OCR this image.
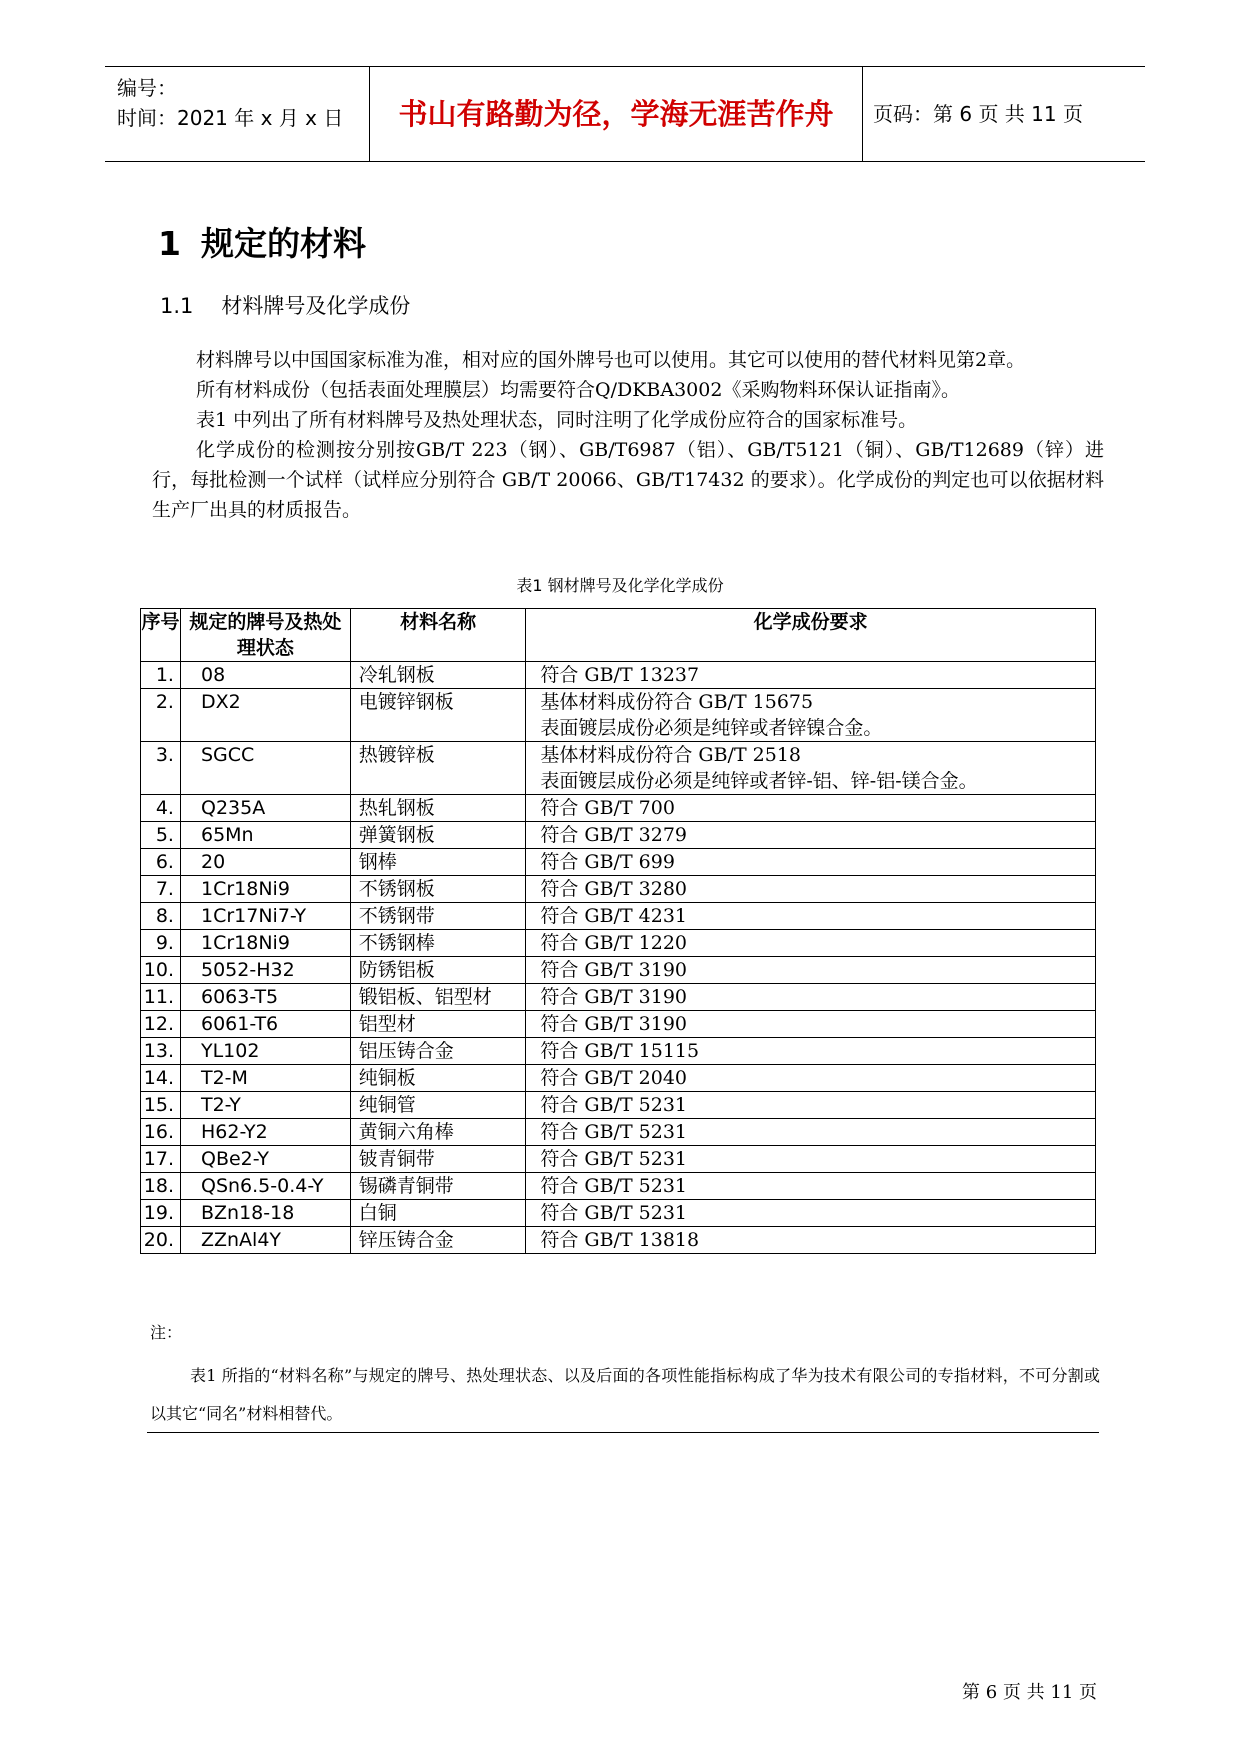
编号：
时间：2021 年 x 月 x 日	书山有路勤为径，学海无涯苦作舟	页码：第 6 页 共 11 页
1 规定的材料
1.1 材料牌号及化学成份

材料牌号以中国国家标准为准，相对应的国外牌号也可以使用。其它可以使用的替代材料见第2章。

所有材料成份（包括表面处理膜层）均需要符合Q/DKBA3002《采购物料环保认证指南》。

表1 中列出了所有材料牌号及热处理状态，同时注明了化学成份应符合的国家标准号。

化学成份的检测按分别按GB/T 223（钢）、GB/T6987（铝）、GB/T5121（铜）、GB/T12689（锌）进行，每批检测一个试样（试样应分别符合 GB/T 20066、GB/T17432 的要求）。化学成份的判定也可以依据材料生产厂出具的材质报告。

表1 钢材牌号及化学化学成份
序号	规定的牌号及热处理状态	材料名称	化学成份要求
1.	08	冷轧钢板	符合 GB/T 13237

2.	DX2	电镀锌钢板	基体材料成份符合 GB/T 15675
表面镀层成份必须是纯锌或者锌镍合金。

3.	SGCC	热镀锌板	基体材料成份符合 GB/T 2518
表面镀层成份必须是纯锌或者锌-铝、锌-铝-镁合金。

4.	Q235A	热轧钢板	符合 GB/T 700

5.	65Mn	弹簧钢板	符合 GB/T 3279

6.	20	钢棒	符合 GB/T 699

7.	1Cr18Ni9	不锈钢板	符合 GB/T 3280

8.	1Cr17Ni7-Y	不锈钢带	符合 GB/T 4231

9.	1Cr18Ni9	不锈钢棒	符合 GB/T 1220

10.	5052-H32	防锈铝板	符合 GB/T 3190

11.	6063-T5	锻铝板、铝型材	符合 GB/T 3190

12.	6061-T6	铝型材	符合 GB/T 3190

13.	YL102	铝压铸合金	符合 GB/T 15115

14.	T2-M	纯铜板	符合 GB/T 2040

15.	T2-Y	纯铜管	符合 GB/T 5231

16.	H62-Y2	黄铜六角棒	符合 GB/T 5231

17.	QBe2-Y	铍青铜带	符合 GB/T 5231

18.	QSn6.5-0.4-Y	锡磷青铜带	符合 GB/T 5231

19.	BZn18-18	白铜	符合 GB/T 5231

20.	ZZnAl4Y	锌压铸合金	符合 GB/T 13818

注：

表1 所指的“材料名称”与规定的牌号、热处理状态、以及后面的各项性能指标构成了华为技术有限公司的专指材料，不可分割或以其它“同名”材料相替代。

第 6 页 共 11 页
